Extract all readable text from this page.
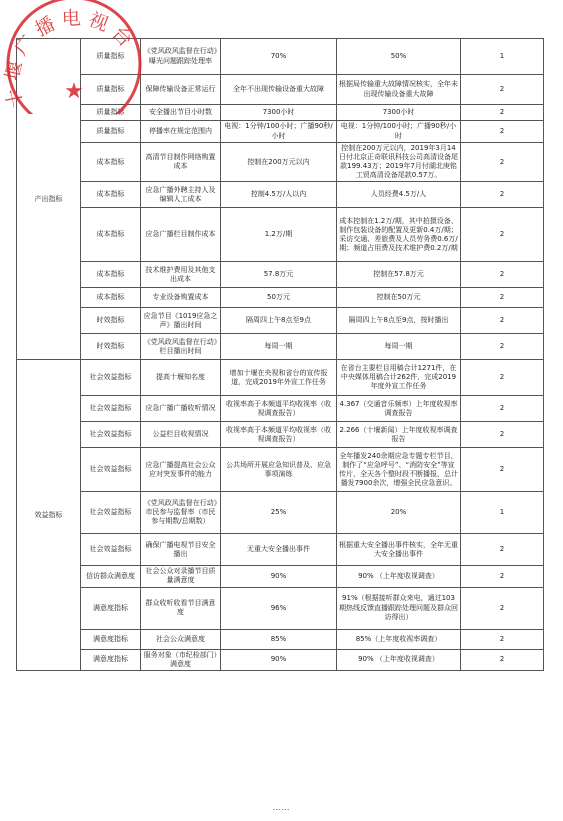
产出指标	质量指标	《党风政风监督在行动》曝光问题跟踪处理率	70%	50%	1
	质量指标	保障传输设备正常运行	全年不出现传输设备重大故障	根据局传输重大故障情况核实，全年未出现传输设备重大故障	2
	质量指标	安全播出节目小时数	7300小时	7300小时	2
	质量指标	停播率在规定范围内	电视：1分钟/100小时；广播90秒/小时	电视：1分钟/100小时；广播90秒/小时	2
	成本指标	高清节目制作网络购置成本	控制在200万元以内	控制在200万元以内，2019年3月14日付北京正奇联讯科技公司高清设备尾款199.43万；2019年7月付湖北庚铭工贸高清设备尾款0.57万。	2
	成本指标	应急广播外聘主持人及编辑人工成本	控制4.5万/人以内	人员经费4.5万/人	2
	成本指标	应急广播栏目制作成本	1.2万/期	成本控制在1.2万/期，其中拍摄设备、制作包装设备的配置及更新0.4万/期；采访交通、差旅费及人员劳务费0.6万/期；频道占用费及技术维护费0.2万/期	2
	成本指标	技术维护费用及其他支出成本	57.8万元	控制在57.8万元	2
	成本指标	专业设备购置成本	50万元	控制在50万元	2
	时效指标	应急节目《1019应急之声》播出时间	隔周四上午8点至9点	隔周四上午8点至9点，按时播出	2
	时效指标	《党风政风监督在行动》栏目播出时间	每周一期	每周一期	2
效益指标	社会效益指标	提高十堰知名度	增加十堰在央视和省台的宣传报道，完成2019年外宣工作任务	在省台主要栏目用稿合计1271件，在中央媒体用稿合计262件，完成2019年度外宣工作任务	2
	社会效益指标	应急广播广播收听情况	收视率高于本频道平均收视率（收视调查报告）	4.367（交通音乐频率）上年度收视率调查报告	2
	社会效益指标	公益栏目收视情况	收视率高于本频道平均收视率（收视调查报告）	2.266（十堰新闻）上年度收视率调查报告	2
	社会效益指标	应急广播提高社会公众应对突发事件的能力	公共场所开展应急知识普及、应急事项演练	全年播发240余期应急专题专栏节目，制作了“应急呼号”、“消防安全”等宣传片，全天各个整时段不断播报，总计播发7900余次，增强全民应急意识。	2
	社会效益指标	《党风政风监督在行动》市民参与监督率（市民参与期数/总期数）	25%	20%	1
	社会效益指标	确保广播电视节目安全播出	无重大安全播出事件	根据重大安全播出事件核实，全年无重大安全播出事件	2
	信访群众满意度	社会公众对录播节目质量满意度	90%	90% （上年度收视调查）	2
	满意度指标	群众收听收看节目满意度	96%	91%（根据接听群众来电，通过103期热线反馈直播跟踪处理问题及群众回访得出）	2
	满意度指标	社会公众满意度	85%	85%（上年度收视率调查）	2
	满意度指标	服务对象（市纪检部门）满意度	90%	90% （上年度收视调查）	2
十堰广播电视台
★
……
